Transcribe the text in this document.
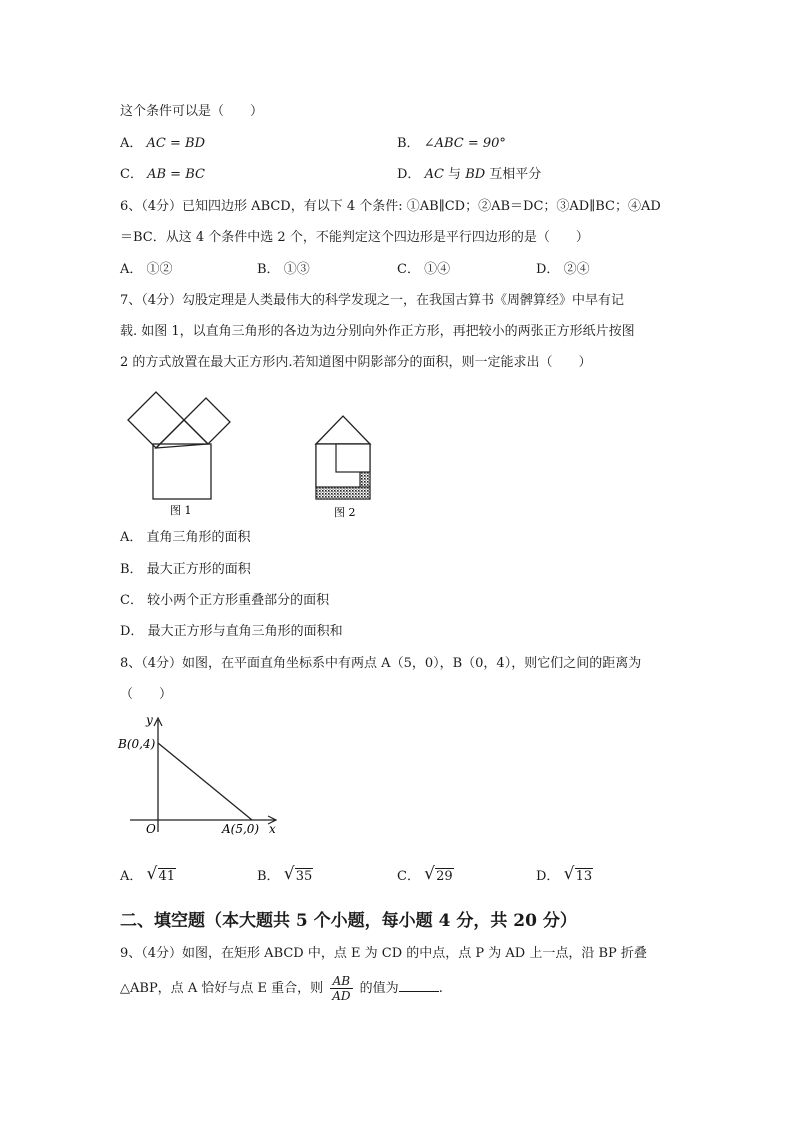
这个条件可以是（　　）
A． AC = BD	B． ∠ABC = 90°
C． AB = BC	D． AC 与 BD 互相平分
6、（4分）已知四边形 ABCD，有以下 4 个条件: ①AB∥CD；②AB＝DC；③AD∥BC；④AD
＝BC．从这 4 个条件中选 2 个，不能判定这个四边形是平行四边形的是（　　）
A． ①②	B． ①③	C． ①④	D． ②④
7、（4分）勾股定理是人类最伟大的科学发现之一，在我国古算书《周髀算经》中早有记
载. 如图 1，以直角三角形的各边为边分别向外作正方形，再把较小的两张正方形纸片按图
2 的方式放置在最大正方形内.若知道图中阴影部分的面积，则一定能求出（　　）
图 1	图 2
A． 直角三角形的面积
B． 最大正方形的面积
C． 较小两个正方形重叠部分的面积
D． 最大正方形与直角三角形的面积和
8、（4分）如图，在平面直角坐标系中有两点 A（5，0），B（0，4），则它们之间的距离为
（　　）
y
x
O
B(0,4)
A(5,0)
A． √ 41	B． √ 35	C． √ 29	D． √ 13
二、填空题（本大题共 5 个小题，每小题 4 分，共 20 分）
9、（4分）如图，在矩形 ABCD 中，点 E 为 CD 的中点，点 P 为 AD 上一点，沿 BP 折叠
△ABP，点 A 恰好与点 E 重合，则 $\frac{AB}{AD}$ 的值为	.
